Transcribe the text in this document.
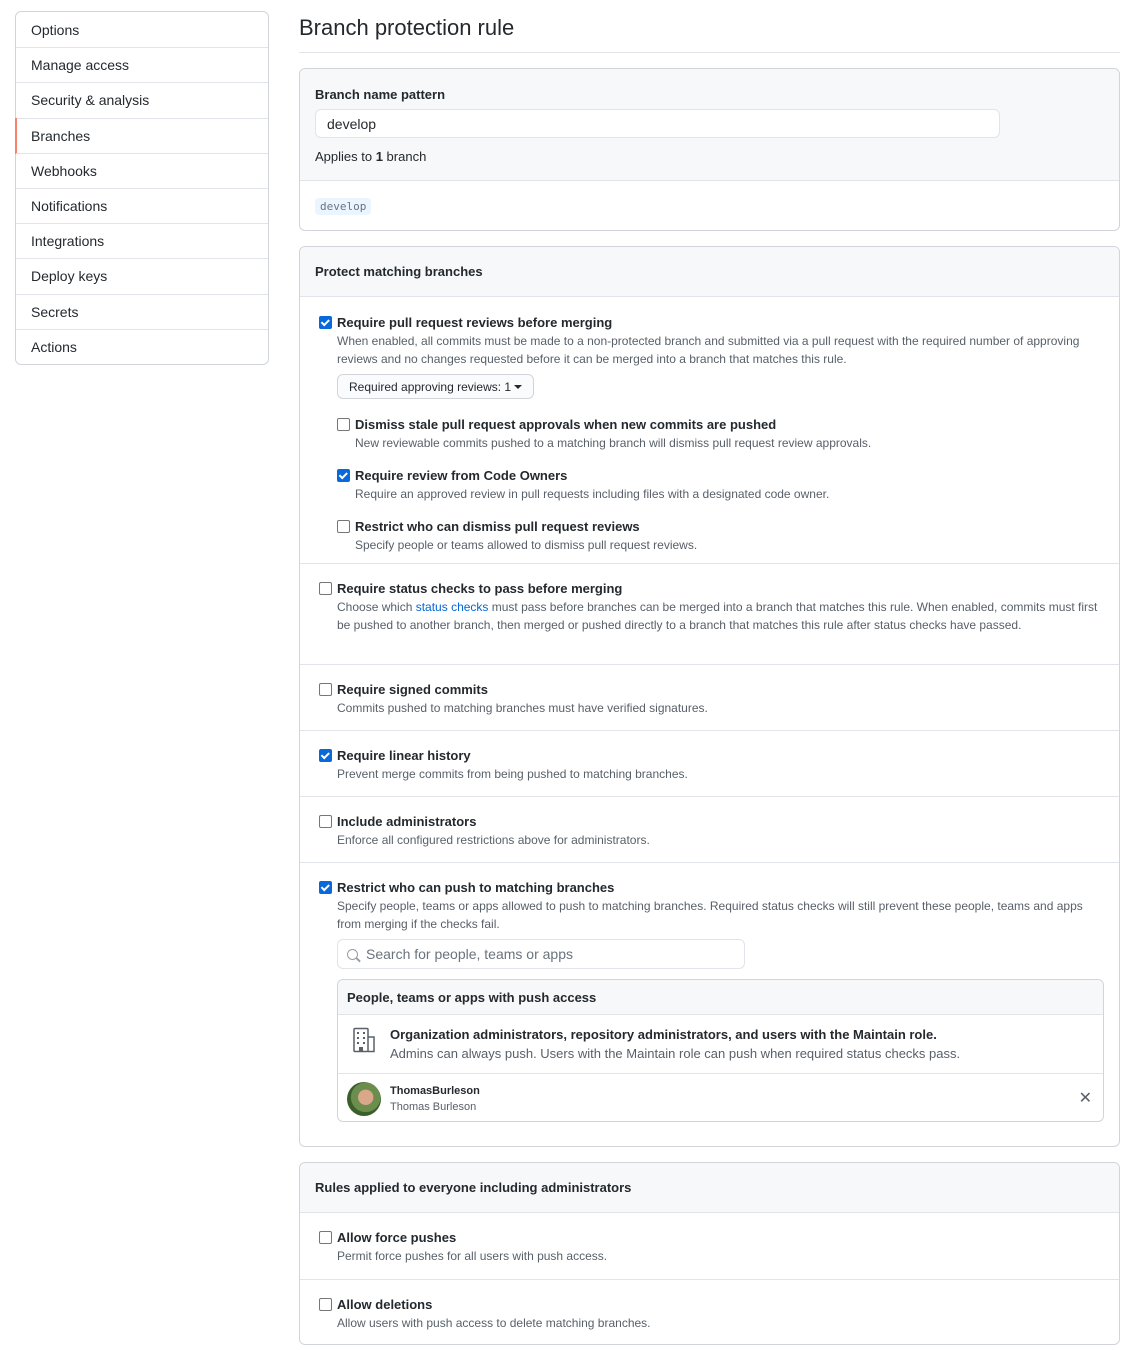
Options
Manage access
Security & analysis
Branches
Webhooks
Notifications
Integrations
Deploy keys
Secrets
Actions
Branch protection rule
Branch name pattern
develop
Applies to 1 branch
develop
Protect matching branches
Require pull request reviews before merging
When enabled, all commits must be made to a non-protected branch and submitted via a pull request with the required number of approving reviews and no changes requested before it can be merged into a branch that matches this rule.
Required approving reviews: 1
Dismiss stale pull request approvals when new commits are pushed
New reviewable commits pushed to a matching branch will dismiss pull request review approvals.
Require review from Code Owners
Require an approved review in pull requests including files with a designated code owner.
Restrict who can dismiss pull request reviews
Specify people or teams allowed to dismiss pull request reviews.
Require status checks to pass before merging
Choose which status checks must pass before branches can be merged into a branch that matches this rule. When enabled, commits must first be pushed to another branch, then merged or pushed directly to a branch that matches this rule after status checks have passed.
Require signed commits
Commits pushed to matching branches must have verified signatures.
Require linear history
Prevent merge commits from being pushed to matching branches.
Include administrators
Enforce all configured restrictions above for administrators.
Restrict who can push to matching branches
Specify people, teams or apps allowed to push to matching branches. Required status checks will still prevent these people, teams and apps from merging if the checks fail.
Search for people, teams or apps
People, teams or apps with push access
Organization administrators, repository administrators, and users with the Maintain role.
Admins can always push. Users with the Maintain role can push when required status checks pass.
ThomasBurleson
Thomas Burleson	✕
Rules applied to everyone including administrators
Allow force pushes
Permit force pushes for all users with push access.
Allow deletions
Allow users with push access to delete matching branches.
